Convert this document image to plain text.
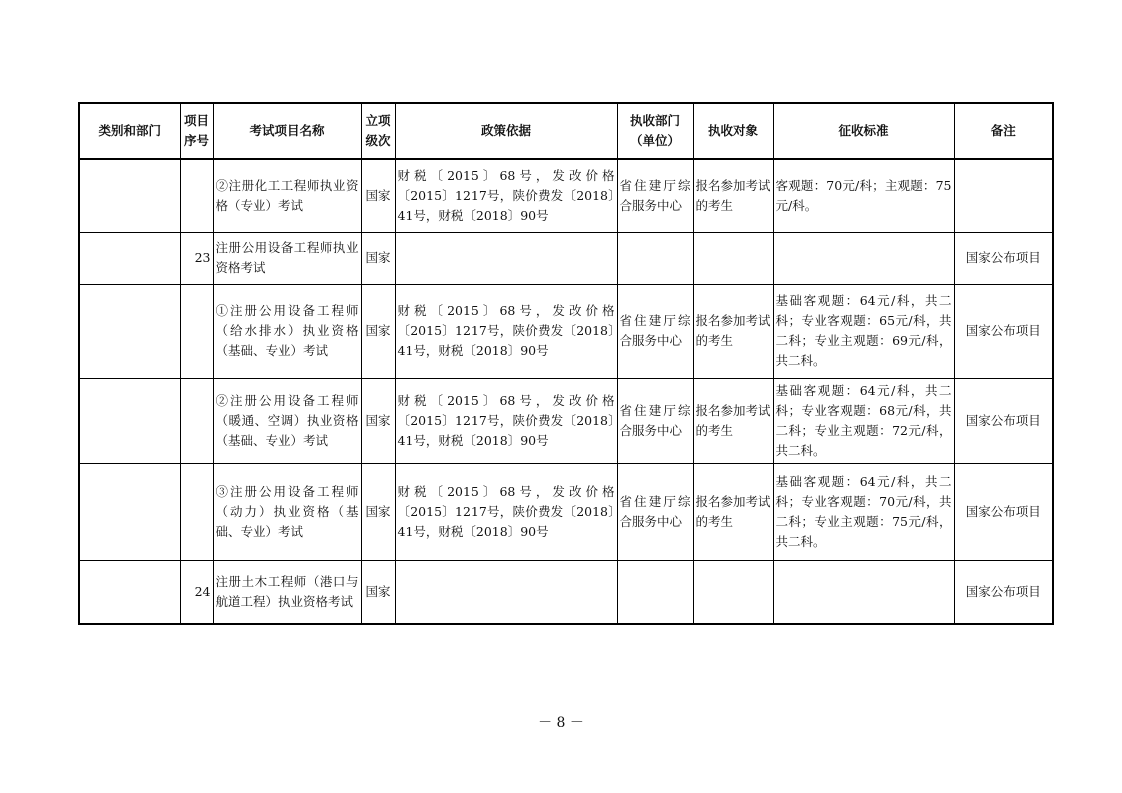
类别和部门	项目序号	考试项目名称	立项级次	政策依据	执收部门（单位）	执收对象	征收标准	备注
		②注册化工工程师执业资格（专业）考试	国家	财税〔2015〕68号，发改价格〔2015〕1217号，陕价费发〔2018〕41号，财税〔2018〕90号	省住建厅综合服务中心	报名参加考试的考生	客观题：70元/科；主观题：75元/科。	
	23	注册公用设备工程师执业资格考试	国家					国家公布项目
		①注册公用设备工程师（给水排水）执业资格（基础、专业）考试	国家	财税〔2015〕68号，发改价格〔2015〕1217号，陕价费发〔2018〕41号，财税〔2018〕90号	省住建厅综合服务中心	报名参加考试的考生	基础客观题：64元/科，共二科；专业客观题：65元/科，共二科；专业主观题：69元/科，共二科。	国家公布项目
		②注册公用设备工程师（暖通、空调）执业资格（基础、专业）考试	国家	财税〔2015〕68号，发改价格〔2015〕1217号，陕价费发〔2018〕41号，财税〔2018〕90号	省住建厅综合服务中心	报名参加考试的考生	基础客观题：64元/科，共二科；专业客观题：68元/科，共二科；专业主观题：72元/科，共二科。	国家公布项目
		③注册公用设备工程师（动力）执业资格（基础、专业）考试	国家	财税〔2015〕68号，发改价格〔2015〕1217号，陕价费发〔2018〕41号，财税〔2018〕90号	省住建厅综合服务中心	报名参加考试的考生	基础客观题：64元/科，共二科；专业客观题：70元/科，共二科；专业主观题：75元/科，共二科。	国家公布项目
	24	注册土木工程师（港口与航道工程）执业资格考试	国家					国家公布项目
－ 8 －
